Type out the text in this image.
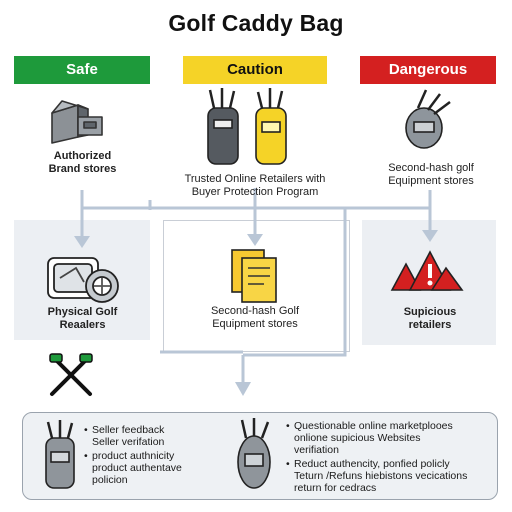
Golf Caddy Bag
Safe	Caution	Dangerous
Authorized
Brand stores
Trusted Online Retailers with
Buyer Protection Program
Second-hash golf
Equipment stores
Physical Golf
Reaalers
Second-hash Golf
Equipment stores
Supicious
retailers
• Seller feedback
Seller verifation
• product authnicity
product authentave
policion
• Questionable online marketplooes
onlione supicious Websites
verifiation
• Reduct authencity, ponfied policly
Teturn /Refuns hiebistons vecications
return for cedracs
